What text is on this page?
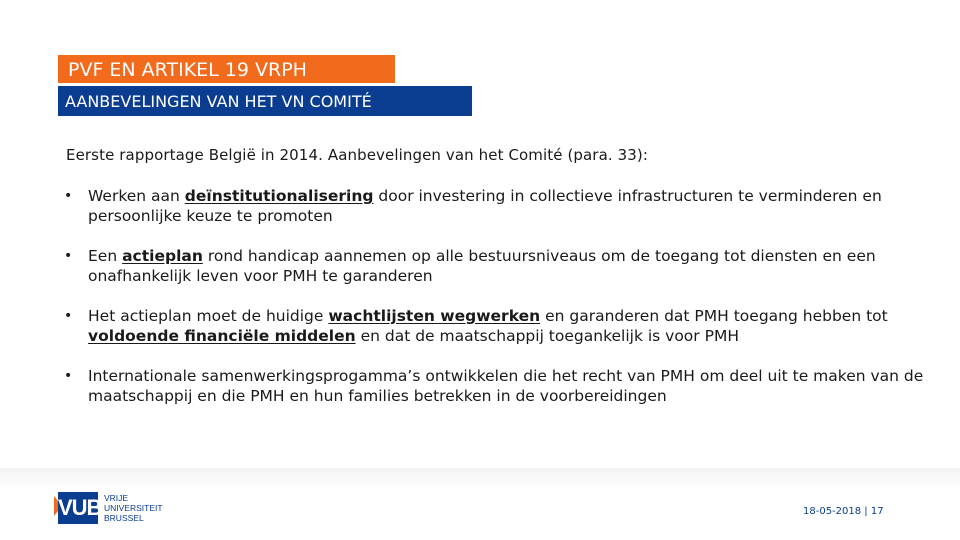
PVF EN ARTIKEL 19 VRPH
AANBEVELINGEN VAN HET VN COMITÉ
Eerste rapportage België in 2014. Aanbevelingen van het Comité (para. 33):
• Werken aan deïnstitutionalisering door investering in collectieve infrastructuren te verminderen en persoonlijke keuze te promoten
• Een actieplan rond handicap aannemen op alle bestuursniveaus om de toegang tot diensten en een onafhankelijk leven voor PMH te garanderen
• Het actieplan moet de huidige wachtlijsten wegwerken en garanderen dat PMH toegang hebben tot voldoende financiële middelen en dat de maatschappij toegankelijk is voor PMH
• Internationale samenwerkingsprogamma’s ontwikkelen die het recht van PMH om deel uit te maken van de maatschappij en die PMH en hun families betrekken in de voorbereidingen
VUB VRIJE
UNIVERSITEIT
BRUSSEL
18-05-2018 | 17
